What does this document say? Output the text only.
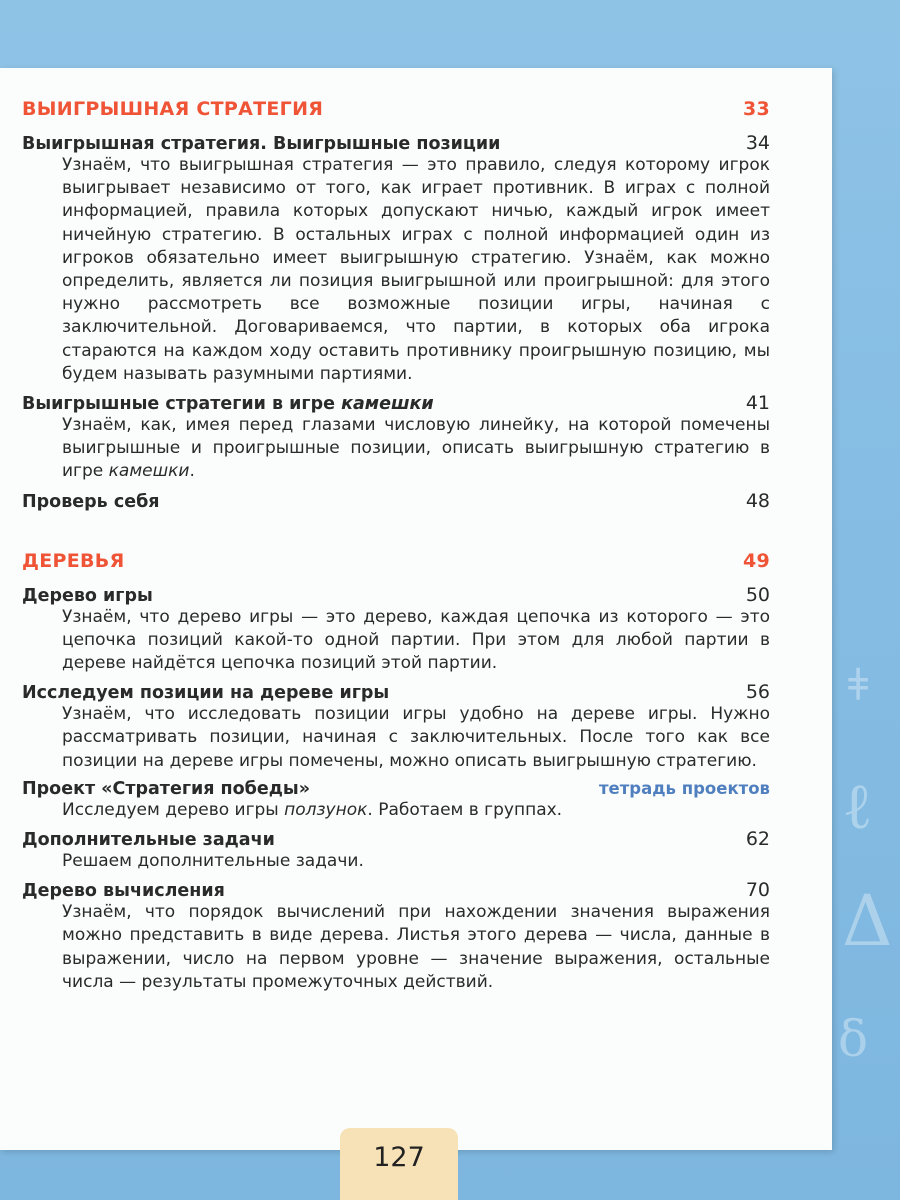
ℓ
Δ
δ
ǂ
ВЫИГРЫШНАЯ СТРАТЕГИЯ	33
Выигрышная стратегия. Выигрышные позиции	34
Узнаём, что выигрышная стратегия — это правило, следуя которому игрок выигрывает независимо от того, как играет противник. В играх с полной информацией, правила которых допускают ничью, каждый игрок имеет ничейную стратегию. В остальных играх с полной информацией один из игроков обязательно имеет выигрышную стратегию. Узнаём, как можно определить, является ли позиция выигрышной или проигрышной: для этого нужно рассмотреть все возможные позиции игры, начиная с заключительной. Договариваемся, что партии, в которых оба игрока стараются на каждом ходу оставить противнику проигрышную позицию, мы будем называть разумными партиями.
Выигрышные стратегии в игре камешки	41
Узнаём, как, имея перед глазами числовую линейку, на которой помечены выигрышные и проигрышные позиции, описать выигрышную стратегию в игре камешки.
Проверь себя	48
ДЕРЕВЬЯ	49
Дерево игры	50
Узнаём, что дерево игры — это дерево, каждая цепочка из которого — это цепочка позиций какой-то одной партии. При этом для любой партии в дереве найдётся цепочка позиций этой партии.
Исследуем позиции на дереве игры	56
Узнаём, что исследовать позиции игры удобно на дереве игры. Нужно рассматривать позиции, начиная с заключительных. После того как все позиции на дереве игры помечены, можно описать выигрышную стратегию.
Проект «Стратегия победы»	тетрадь проектов
Исследуем дерево игры ползунок. Работаем в группах.
Дополнительные задачи	62
Решаем дополнительные задачи.
Дерево вычисления	70
Узнаём, что порядок вычислений при нахождении значения выражения можно представить в виде дерева. Листья этого дерева — числа, данные в выражении, число на первом уровне — значение выражения, остальные числа — результаты промежуточных действий.
127
